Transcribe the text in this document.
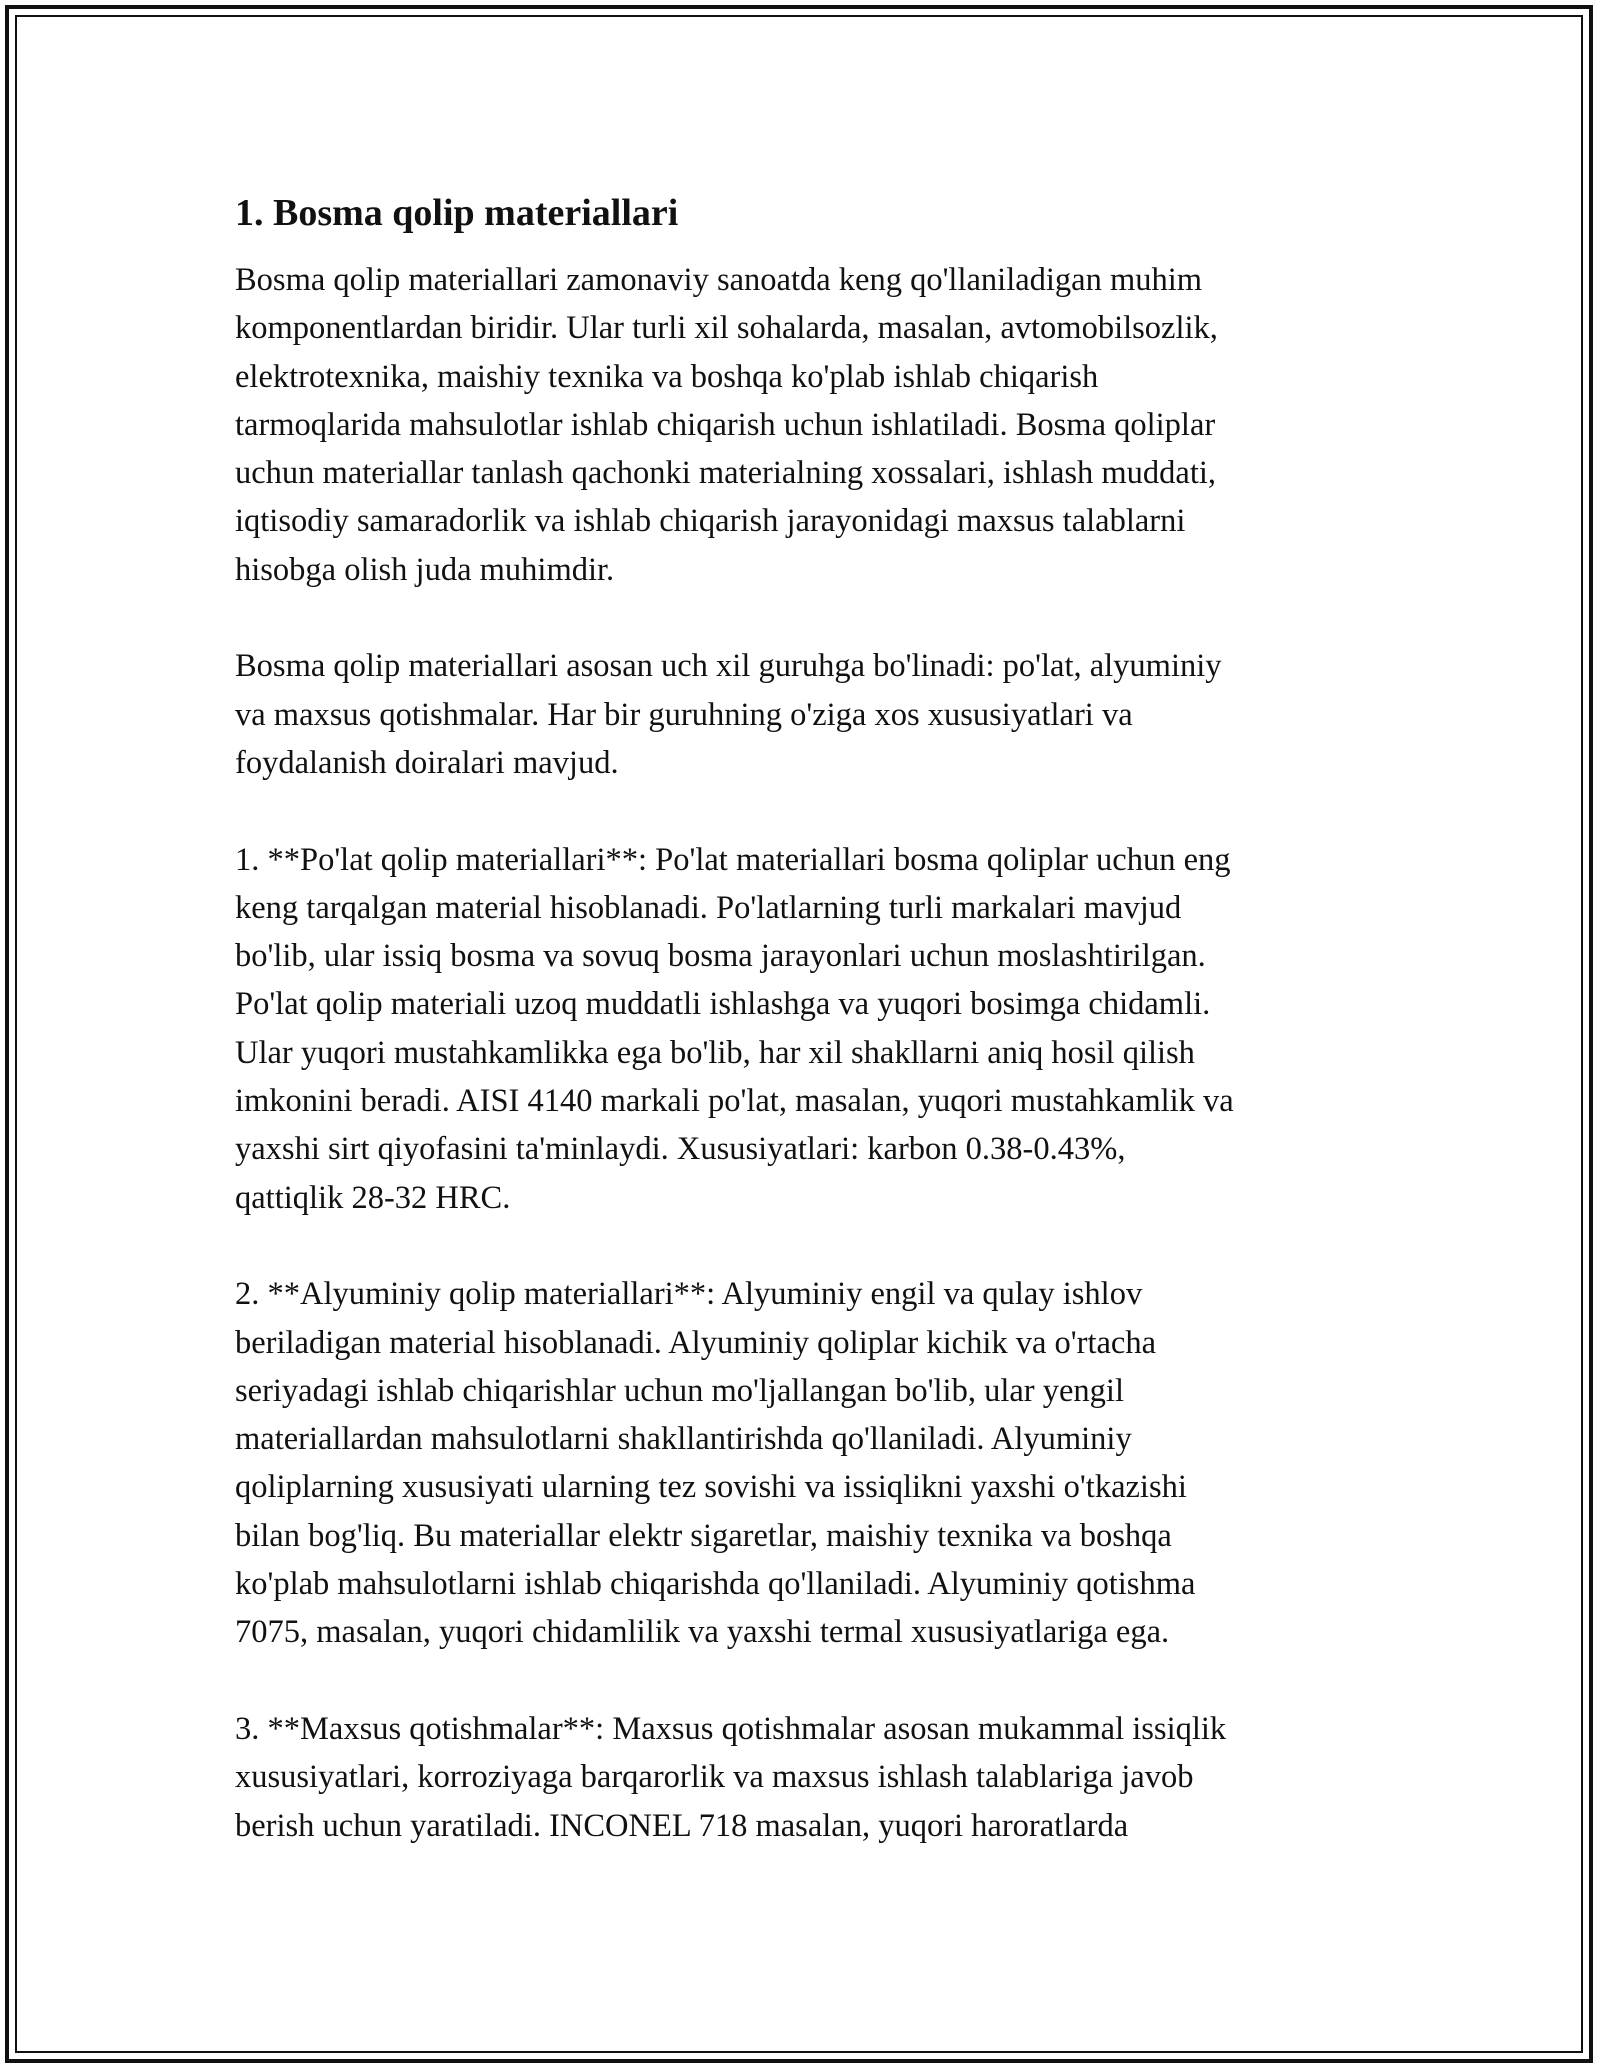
1. Bosma qolip materiallari

Bosma qolip materiallari zamonaviy sanoatda keng qo'llaniladigan muhim
komponentlardan biridir. Ular turli xil sohalarda, masalan, avtomobilsozlik,
elektrotexnika, maishiy texnika va boshqa ko'plab ishlab chiqarish
tarmoqlarida mahsulotlar ishlab chiqarish uchun ishlatiladi. Bosma qoliplar
uchun materiallar tanlash qachonki materialning xossalari, ishlash muddati,
iqtisodiy samaradorlik va ishlab chiqarish jarayonidagi maxsus talablarni
hisobga olish juda muhimdir.

Bosma qolip materiallari asosan uch xil guruhga bo'linadi: po'lat, alyuminiy
va maxsus qotishmalar. Har bir guruhning o'ziga xos xususiyatlari va
foydalanish doiralari mavjud.

1. **Po'lat qolip materiallari**: Po'lat materiallari bosma qoliplar uchun eng
keng tarqalgan material hisoblanadi. Po'latlarning turli markalari mavjud
bo'lib, ular issiq bosma va sovuq bosma jarayonlari uchun moslashtirilgan.
Po'lat qolip materiali uzoq muddatli ishlashga va yuqori bosimga chidamli.
Ular yuqori mustahkamlikka ega bo'lib, har xil shakllarni aniq hosil qilish
imkonini beradi. AISI 4140 markali po'lat, masalan, yuqori mustahkamlik va
yaxshi sirt qiyofasini ta'minlaydi. Xususiyatlari: karbon 0.38-0.43%,
qattiqlik 28-32 HRC.

2. **Alyuminiy qolip materiallari**: Alyuminiy engil va qulay ishlov
beriladigan material hisoblanadi. Alyuminiy qoliplar kichik va o'rtacha
seriyadagi ishlab chiqarishlar uchun mo'ljallangan bo'lib, ular yengil
materiallardan mahsulotlarni shakllantirishda qo'llaniladi. Alyuminiy
qoliplarning xususiyati ularning tez sovishi va issiqlikni yaxshi o'tkazishi
bilan bog'liq. Bu materiallar elektr sigaretlar, maishiy texnika va boshqa
ko'plab mahsulotlarni ishlab chiqarishda qo'llaniladi. Alyuminiy qotishma
7075, masalan, yuqori chidamlilik va yaxshi termal xususiyatlariga ega.

3. **Maxsus qotishmalar**: Maxsus qotishmalar asosan mukammal issiqlik
xususiyatlari, korroziyaga barqarorlik va maxsus ishlash talablariga javob
berish uchun yaratiladi. INCONEL 718 masalan, yuqori haroratlarda
